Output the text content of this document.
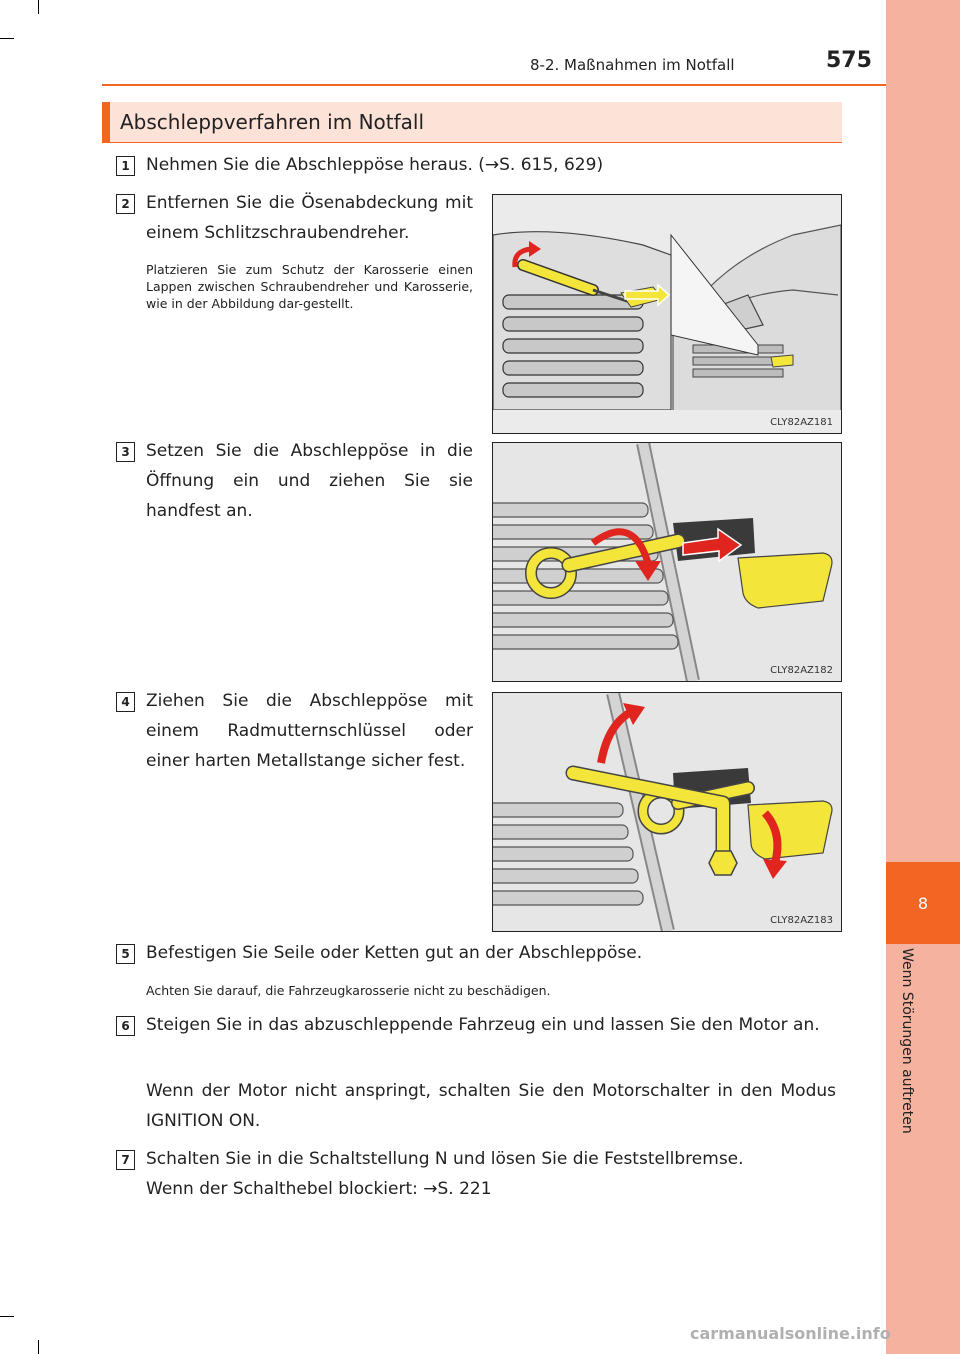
8
Wenn Störungen auftreten
8-2. Maßnahmen im Notfall	575
Abschleppverfahren im Notfall
1 Nehmen Sie die Abschleppöse heraus. (→S. 615, 629)
2 Entfernen Sie die Ösenabdeckung mit einem Schlitzschraubendreher.
Platzieren Sie zum Schutz der Karosserie einen Lappen zwischen Schraubendreher und Karosserie, wie in der Abbildung dar-gestellt.
CLY82AZ181
3 Setzen Sie die Abschleppöse in die Öffnung ein und ziehen Sie sie handfest an.
CLY82AZ182
4 Ziehen Sie die Abschleppöse mit einem Radmutternschlüssel oder einer harten Metallstange sicher fest.
CLY82AZ183
5 Befestigen Sie Seile oder Ketten gut an der Abschleppöse.
Achten Sie darauf, die Fahrzeugkarosserie nicht zu beschädigen.
6 Steigen Sie in das abzuschleppende Fahrzeug ein und lassen Sie den Motor an.
Wenn der Motor nicht anspringt, schalten Sie den Motorschalter in den Modus IGNITION ON.
7 Schalten Sie in die Schaltstellung N und lösen Sie die Feststellbremse.
Wenn der Schalthebel blockiert: →S. 221
carmanualsonline.info
